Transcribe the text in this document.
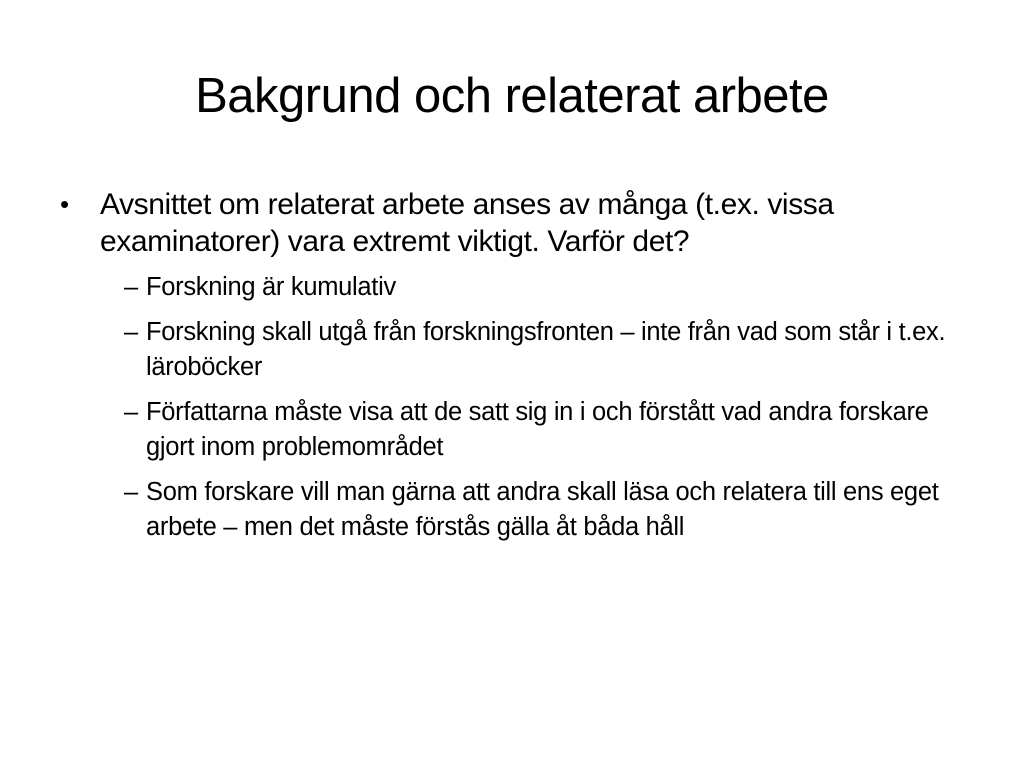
Bakgrund och relaterat arbete
•	Avsnittet om relaterat arbete anses av många (t.ex. vissa examinatorer) vara extremt viktigt. Varför det?
– Forskning är kumulativ
– Forskning skall utgå från forskningsfronten – inte från vad som står i t.ex. läroböcker
– Författarna måste visa att de satt sig in i och förstått vad andra forskare gjort inom problemområdet
– Som forskare vill man gärna att andra skall läsa och relatera till ens eget arbete – men det måste förstås gälla åt båda håll
